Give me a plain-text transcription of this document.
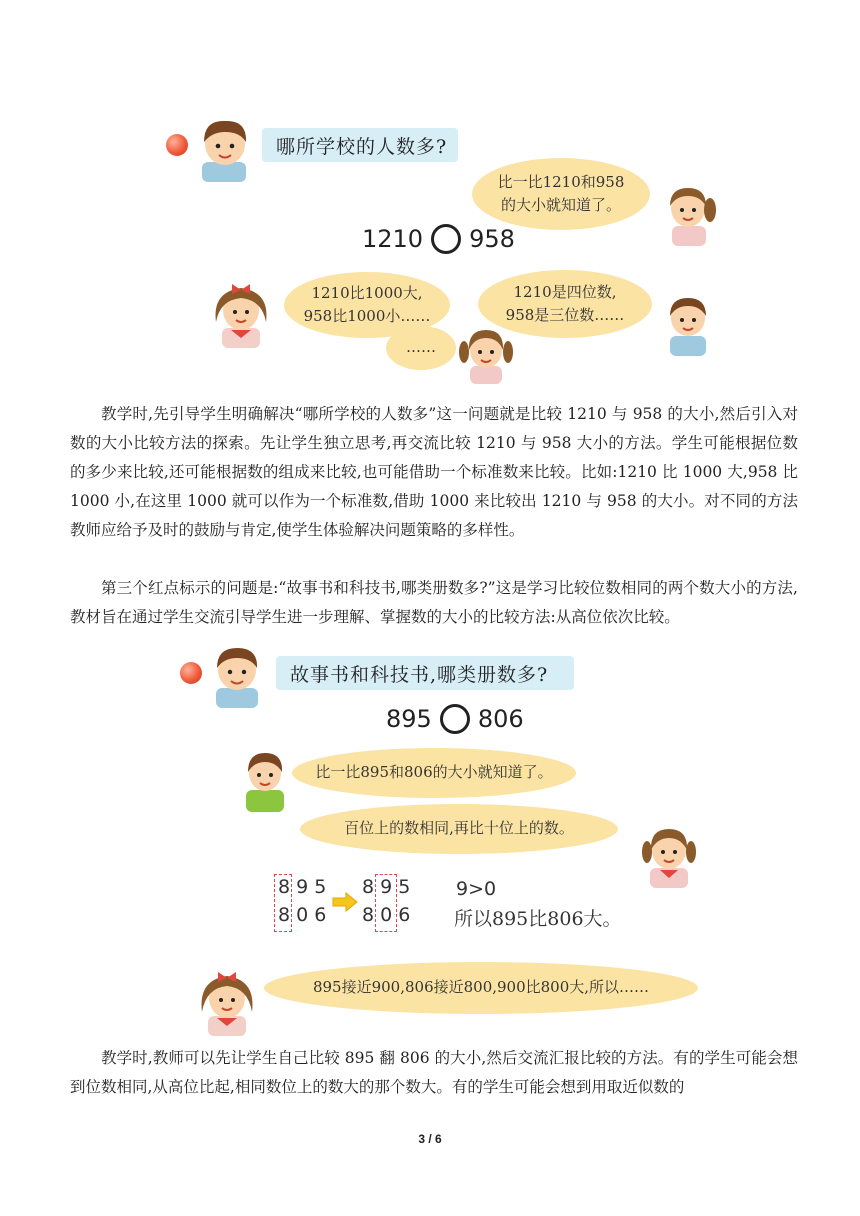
哪所学校的人数多?
比一比1210和958
的大小就知道了。
1210 958
1210比1000大,
958比1000小……
1210是四位数,
958是三位数……
……

教学时,先引导学生明确解决“哪所学校的人数多”这一问题就是比较 1210 与 958 的大小,然后引入对数的大小比较方法的探索。先让学生独立思考,再交流比较 1210 与 958 大小的方法。学生可能根据位数的多少来比较,还可能根据数的组成来比较,也可能借助一个标准数来比较。比如:1210 比 1000 大,958 比 1000 小,在这里 1000 就可以作为一个标准数,借助 1000 来比较出 1210 与 958 的大小。对不同的方法教师应给予及时的鼓励与肯定,使学生体验解决问题策略的多样性。

第三个红点标示的问题是:“故事书和科技书,哪类册数多?”这是学习比较位数相同的两个数大小的方法,教材旨在通过学生交流引导学生进一步理解、掌握数的大小的比较方法:从高位依次比较。

故事书和科技书,哪类册数多?
895 806
比一比895和806的大小就知道了。
百位上的数相同,再比十位上的数。
8 9 5
8 0 6
8 9 5
8 0 6
9>0
所以895比806大。
895接近900,806接近800,900比800大,所以……

教学时,教师可以先让学生自己比较 895 翻 806 的大小,然后交流汇报比较的方法。有的学生可能会想到位数相同,从高位比起,相同数位上的数大的那个数大。有的学生可能会想到用取近似数的

3 / 6
